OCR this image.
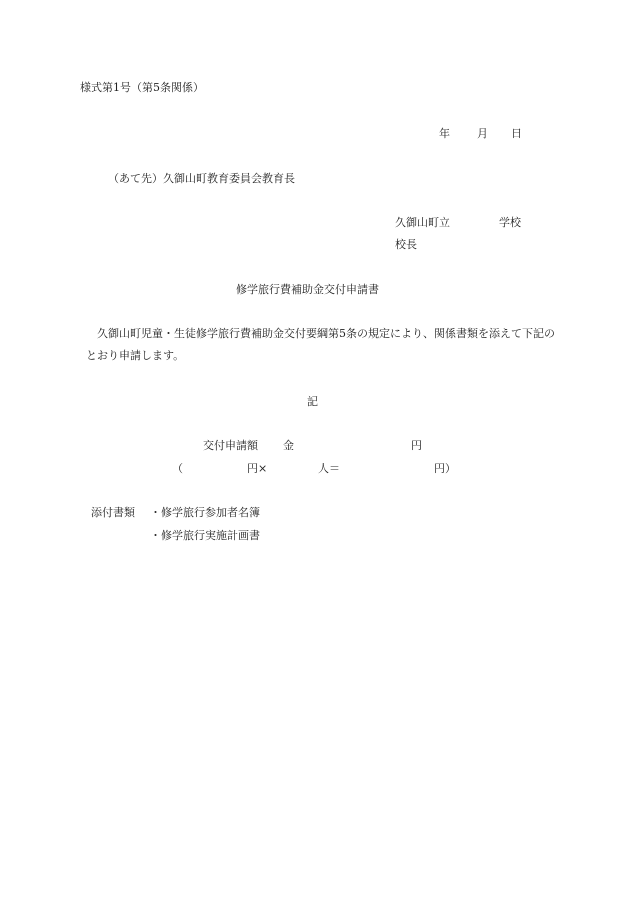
様式第1号（第5条関係）
年 月 日
（あて先）久御山町教育委員会教育長
久御山町立	学校
校長
修学旅行費補助金交付申請書
久御山町児童・生徒修学旅行費補助金交付要綱第5条の規定により、関係書類を添えて下記のとおり申請します。
記
交付申請額 金	円
（	円×	人＝	円）
添付書類 ・修学旅行参加者名簿
・修学旅行実施計画書
